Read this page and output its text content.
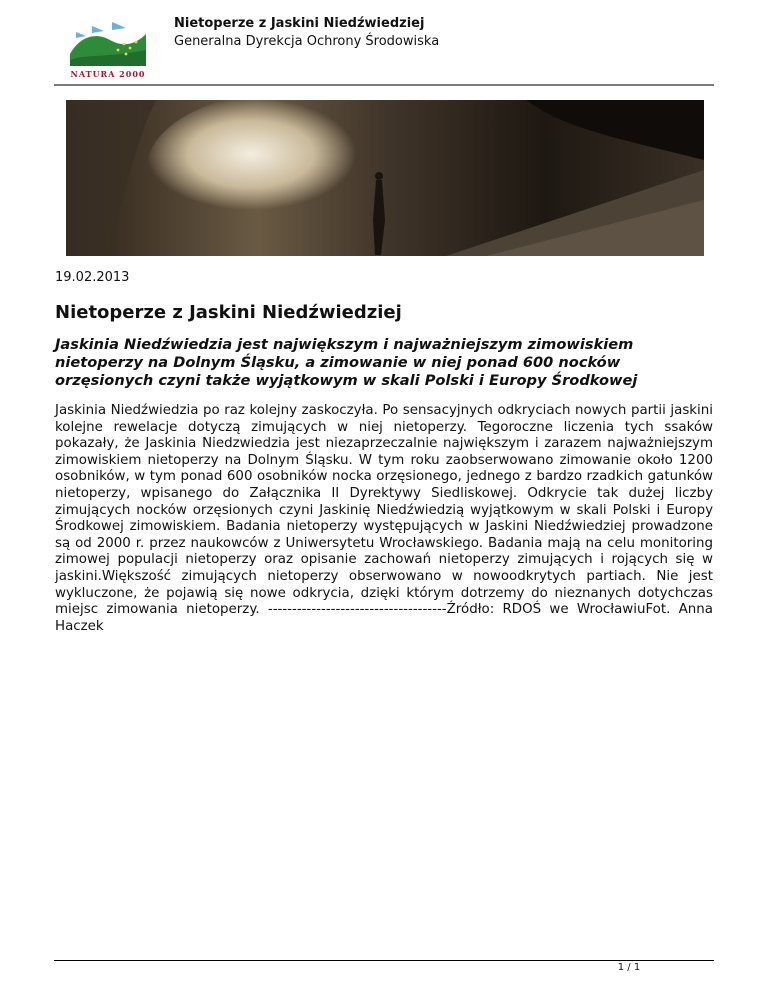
NATURA 2000
Nietoperze z Jaskini Niedźwiedziej
Generalna Dyrekcja Ochrony Środowiska
19.02.2013
Nietoperze z Jaskini Niedźwiedziej

Jaskinia Niedźwiedzia jest największym i najważniejszym zimowiskiem nietoperzy na Dolnym Śląsku, a zimowanie w niej ponad 600 nocków orzęsionych czyni także wyjątkowym w skali Polski i Europy Środkowej

Jaskinia Niedźwiedzia po raz kolejny zaskoczyła. Po sensacyjnych odkryciach nowych partii jaskini kolejne rewelacje dotyczą zimujących w niej nietoperzy. Tegoroczne liczenia tych ssaków pokazały, że Jaskinia Niedzwiedzia jest niezaprzeczalnie największym i zarazem najważniejszym zimowiskiem nietoperzy na Dolnym Śląsku. W tym roku zaobserwowano zimowanie około 1200 osobników, w tym ponad 600 osobników nocka orzęsionego, jednego z bardzo rzadkich gatunków nietoperzy, wpisanego do Załącznika II Dyrektywy Siedliskowej. Odkrycie tak dużej liczby zimujących nocków orzęsionych czyni Jaskinię Niedźwiedzią wyjątkowym w skali Polski i Europy Środkowej zimowiskiem. Badania nietoperzy występujących w Jaskini Niedźwiedziej prowadzone są od 2000 r. przez naukowców z Uniwersytetu Wrocławskiego. Badania mają na celu monitoring zimowej populacji nietoperzy oraz opisanie zachowań nietoperzy zimujących i rojących się w jaskini.Większość zimujących nietoperzy obserwowano w nowoodkrytych partiach. Nie jest wykluczone, że pojawią się nowe odkrycia, dzięki którym dotrzemy do nieznanych dotychczas miejsc zimowania nietoperzy. -------------------------------------Źródło: RDOŚ we WrocławiuFot. Anna Haczek

1 / 1
